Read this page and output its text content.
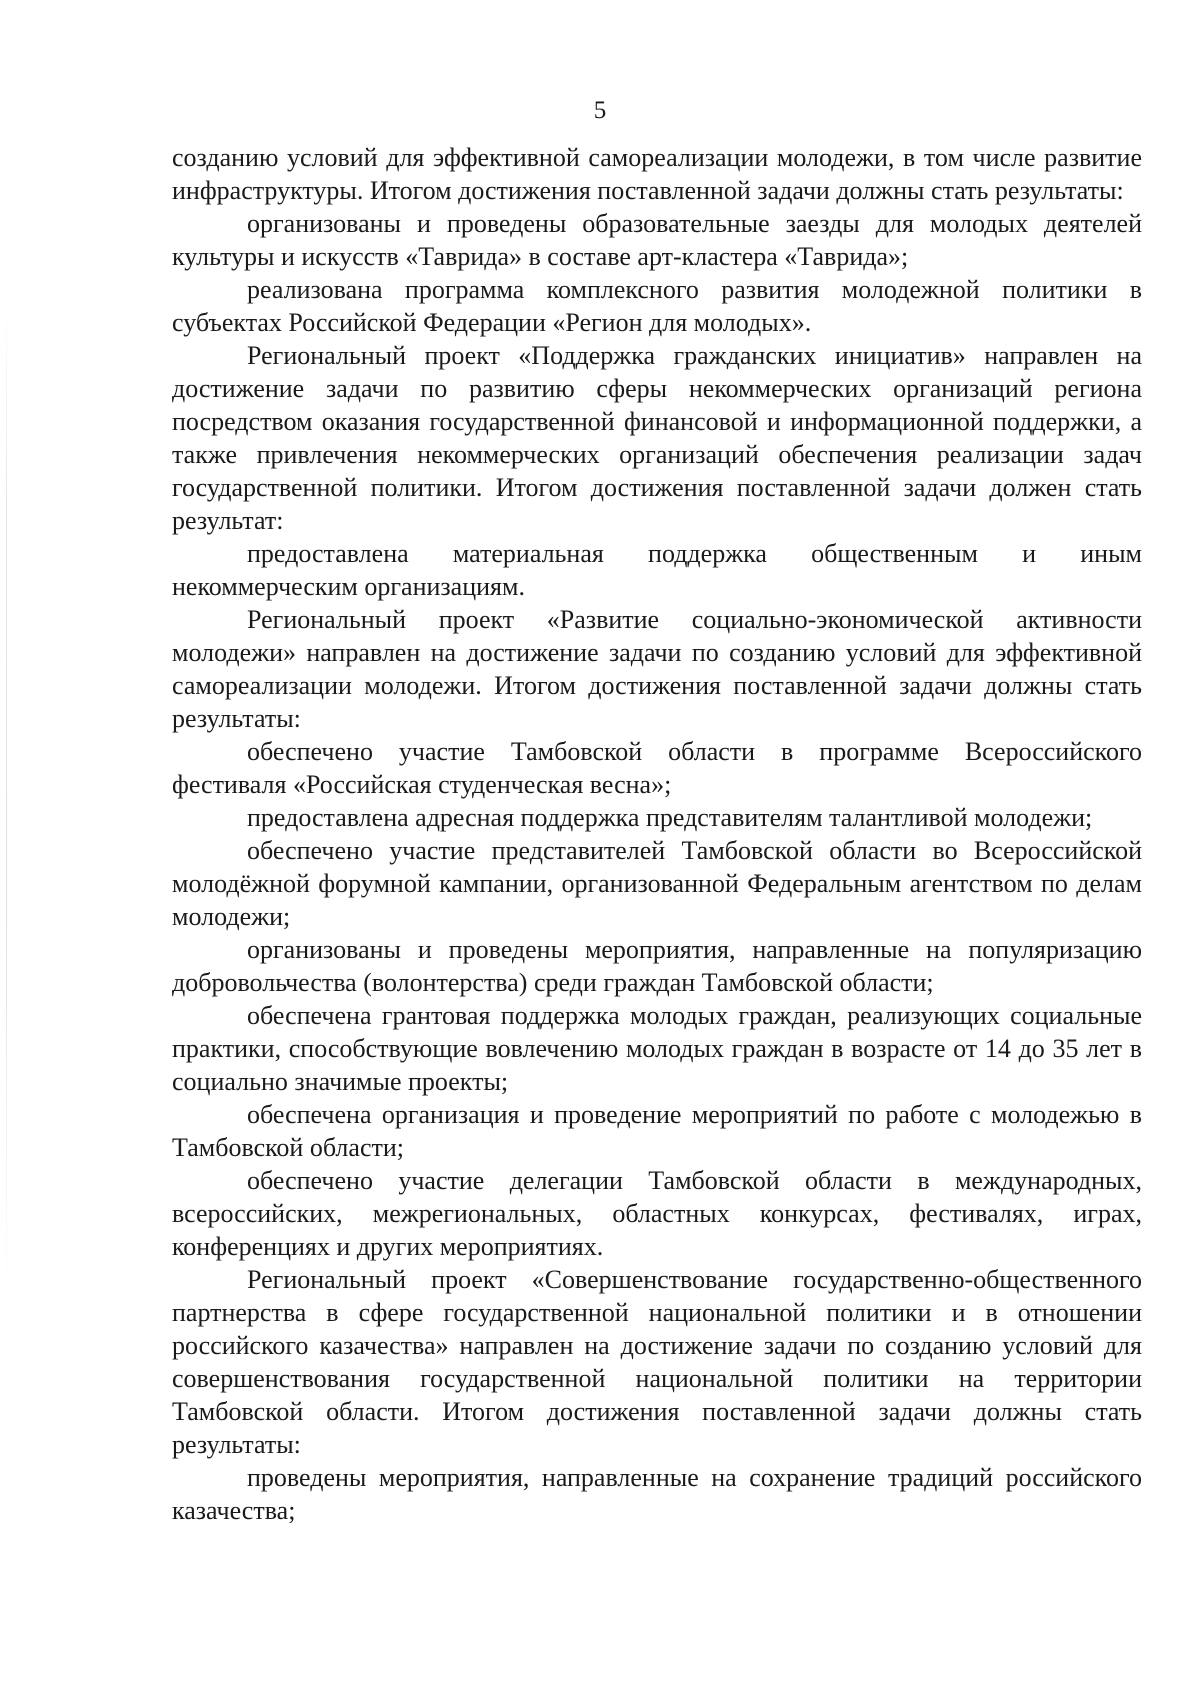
5

созданию условий для эффективной самореализации молодежи, в том числе развитие инфраструктуры. Итогом достижения поставленной задачи должны стать результаты:

организованы и проведены образовательные заезды для молодых деятелей культуры и искусств «Таврида» в составе арт-кластера «Таврида»;

реализована программа комплексного развития молодежной политики в субъектах Российской Федерации «Регион для молодых».

Региональный проект «Поддержка гражданских инициатив» направлен на достижение задачи по развитию сферы некоммерческих организаций региона посредством оказания государственной финансовой и информационной поддержки, а также привлечения некоммерческих организаций обеспечения реализации задач государственной политики. Итогом достижения поставленной задачи должен стать результат:

предоставлена материальная поддержка общественным и иным некоммерческим организациям.

Региональный проект «Развитие социально-экономической активности молодежи» направлен на достижение задачи по созданию условий для эффективной самореализации молодежи. Итогом достижения поставленной задачи должны стать результаты:

обеспечено участие Тамбовской области в программе Всероссийского фестиваля «Российская студенческая весна»;

предоставлена адресная поддержка представителям талантливой молодежи;

обеспечено участие представителей Тамбовской области во Всероссийской молодёжной форумной кампании, организованной Федеральным агентством по делам молодежи;

организованы и проведены мероприятия, направленные на популяризацию добровольчества (волонтерства) среди граждан Тамбовской области;

обеспечена грантовая поддержка молодых граждан, реализующих социальные практики, способствующие вовлечению молодых граждан в возрасте от 14 до 35 лет в социально значимые проекты;

обеспечена организация и проведение мероприятий по работе с молодежью в Тамбовской области;

обеспечено участие делегации Тамбовской области в международных, всероссийских, межрегиональных, областных конкурсах, фестивалях, играх, конференциях и других мероприятиях.

Региональный проект «Совершенствование государственно-общественного партнерства в сфере государственной национальной политики и в отношении российского казачества» направлен на достижение задачи по созданию условий для совершенствования государственной национальной политики на территории Тамбовской области. Итогом достижения поставленной задачи должны стать результаты:

проведены мероприятия, направленные на сохранение традиций российского казачества;
